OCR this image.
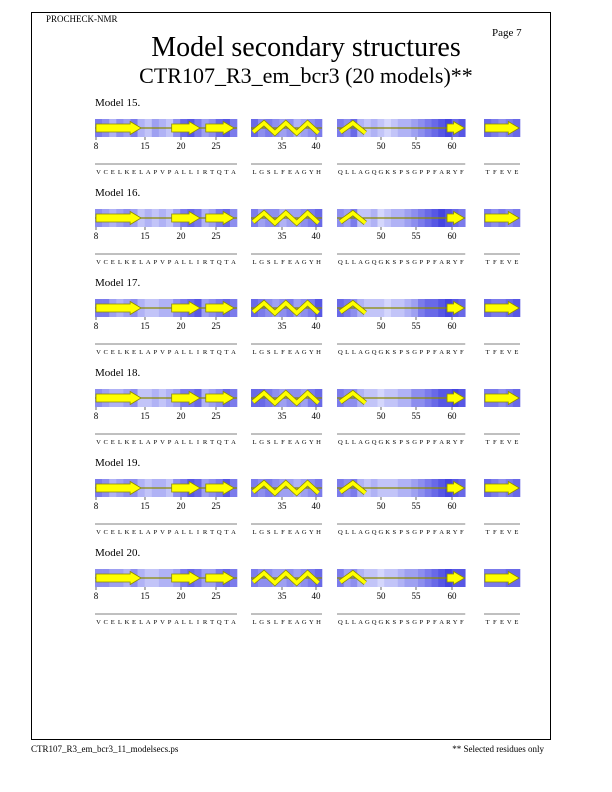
PROCHECK-NMR
Page 7
Model secondary structures
CTR107_R3_em_bcr3 (20 models)**
Model 15.
V C E L K E L A P V P A L L I R T Q T A	L G S L F E A G Y H	Q L L A G Q G K S P S G P P F A R Y F	T F E V E
8	15	20	25	35	40	50	55	60
Model 16.
V C E L K E L A P V P A L L I R T Q T A	L G S L F E A G Y H	Q L L A G Q G K S P S G P P F A R Y F	T F E V E
8	15	20	25	35	40	50	55	60
Model 17.
V C E L K E L A P V P A L L I R T Q T A	L G S L F E A G Y H	Q L L A G Q G K S P S G P P F A R Y F	T F E V E
8	15	20	25	35	40	50	55	60
Model 18.
V C E L K E L A P V P A L L I R T Q T A	L G S L F E A G Y H	Q L L A G Q G K S P S G P P F A R Y F	T F E V E
8	15	20	25	35	40	50	55	60
Model 19.
V C E L K E L A P V P A L L I R T Q T A	L G S L F E A G Y H	Q L L A G Q G K S P S G P P F A R Y F	T F E V E
8	15	20	25	35	40	50	55	60
Model 20.
V C E L K E L A P V P A L L I R T Q T A	L G S L F E A G Y H	Q L L A G Q G K S P S G P P F A R Y F	T F E V E
8	15	20	25	35	40	50	55	60
CTR107_R3_em_bcr3_11_modelsecs.ps	** Selected residues only
